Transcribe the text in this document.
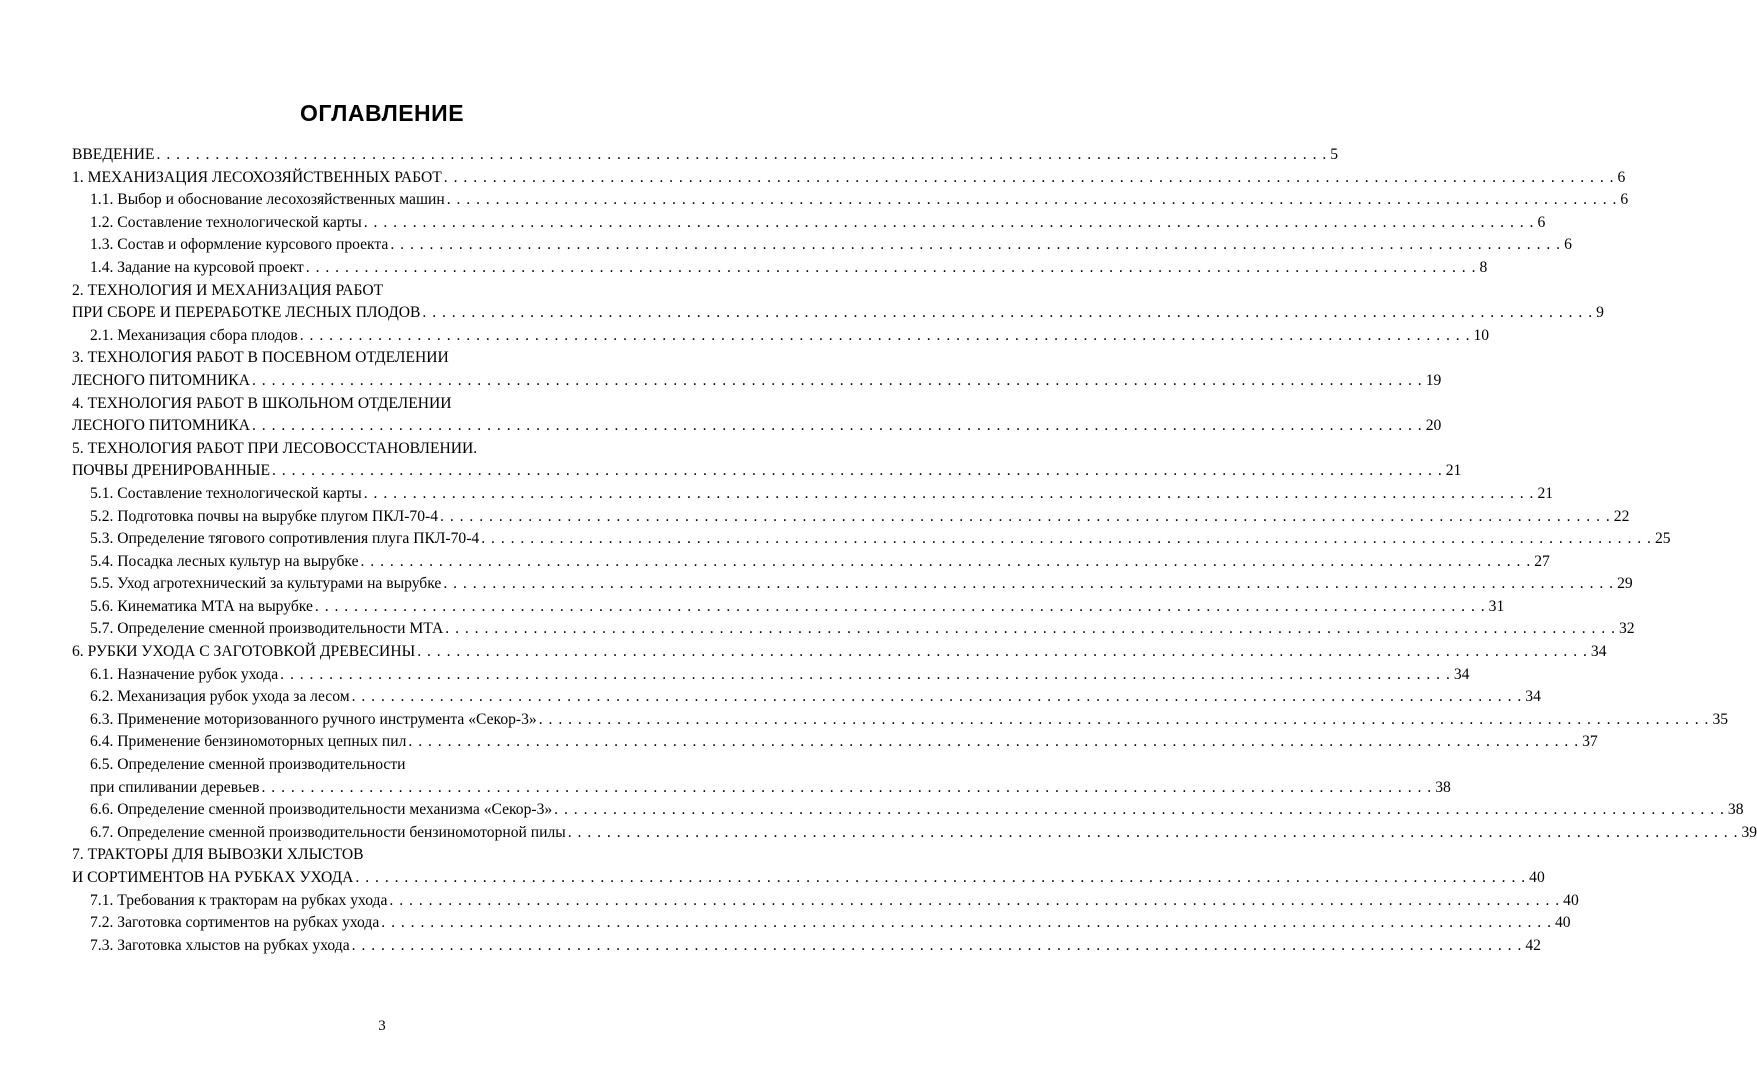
ОГЛАВЛЕНИЕ
ВВЕДЕНИЕ . . . . . . . . . . . . . . . . . . . . . . . . . . . . . . . . . . . . . . . . . . . . . . . . . . . . . . . . . . . . . . . . . . . . . . . . . . . . . . . . . . . . . . . . . . . . . . . . . . . . . . . . . . . . . . . . . . . . . . . . 5
1. МЕХАНИЗАЦИЯ ЛЕСОХОЗЯЙСТВЕННЫХ РАБОТ . . . . . . . . . . . . . . . . . . . . . . . . . . . . . . . . . . . . . . . . . . . . . . . . . . . . . . . . . . . . . . . . . . . . . . . . . . . . . . . . . . . . . . . . . . . . . . . . . . . . . . . . . . . . . . . . . . . . . . . . 6
1.1. Выбор и обоснование лесохозяйственных машин . . . . . . . . . . . . . . . . . . . . . . . . . . . . . . . . . . . . . . . . . . . . . . . . . . . . . . . . . . . . . . . . . . . . . . . . . . . . . . . . . . . . . . . . . . . . . . . . . . . . . . . . . . . . . . . . . . . . . . . . 6
1.2. Составление технологической карты . . . . . . . . . . . . . . . . . . . . . . . . . . . . . . . . . . . . . . . . . . . . . . . . . . . . . . . . . . . . . . . . . . . . . . . . . . . . . . . . . . . . . . . . . . . . . . . . . . . . . . . . . . . . . . . . . . . . . . . . 6
1.3. Состав и оформление курсового проекта . . . . . . . . . . . . . . . . . . . . . . . . . . . . . . . . . . . . . . . . . . . . . . . . . . . . . . . . . . . . . . . . . . . . . . . . . . . . . . . . . . . . . . . . . . . . . . . . . . . . . . . . . . . . . . . . . . . . . . . . 6
1.4. Задание на курсовой проект . . . . . . . . . . . . . . . . . . . . . . . . . . . . . . . . . . . . . . . . . . . . . . . . . . . . . . . . . . . . . . . . . . . . . . . . . . . . . . . . . . . . . . . . . . . . . . . . . . . . . . . . . . . . . . . . . . . . . . . . 8
2. ТЕХНОЛОГИЯ И МЕХАНИЗАЦИЯ РАБОТ
ПРИ СБОРЕ И ПЕРЕРАБОТКЕ ЛЕСНЫХ ПЛОДОВ . . . . . . . . . . . . . . . . . . . . . . . . . . . . . . . . . . . . . . . . . . . . . . . . . . . . . . . . . . . . . . . . . . . . . . . . . . . . . . . . . . . . . . . . . . . . . . . . . . . . . . . . . . . . . . . . . . . . . . . . 9
2.1. Механизация сбора плодов . . . . . . . . . . . . . . . . . . . . . . . . . . . . . . . . . . . . . . . . . . . . . . . . . . . . . . . . . . . . . . . . . . . . . . . . . . . . . . . . . . . . . . . . . . . . . . . . . . . . . . . . . . . . . . . . . . . . . . . . 10
3. ТЕХНОЛОГИЯ РАБОТ В ПОСЕВНОМ ОТДЕЛЕНИИ
ЛЕСНОГО ПИТОМНИКА . . . . . . . . . . . . . . . . . . . . . . . . . . . . . . . . . . . . . . . . . . . . . . . . . . . . . . . . . . . . . . . . . . . . . . . . . . . . . . . . . . . . . . . . . . . . . . . . . . . . . . . . . . . . . . . . . . . . . . . . 19
4. ТЕХНОЛОГИЯ РАБОТ В ШКОЛЬНОМ ОТДЕЛЕНИИ
ЛЕСНОГО ПИТОМНИКА . . . . . . . . . . . . . . . . . . . . . . . . . . . . . . . . . . . . . . . . . . . . . . . . . . . . . . . . . . . . . . . . . . . . . . . . . . . . . . . . . . . . . . . . . . . . . . . . . . . . . . . . . . . . . . . . . . . . . . . . 20
5. ТЕХНОЛОГИЯ РАБОТ ПРИ ЛЕСОВОССТАНОВЛЕНИИ.
ПОЧВЫ ДРЕНИРОВАННЫЕ . . . . . . . . . . . . . . . . . . . . . . . . . . . . . . . . . . . . . . . . . . . . . . . . . . . . . . . . . . . . . . . . . . . . . . . . . . . . . . . . . . . . . . . . . . . . . . . . . . . . . . . . . . . . . . . . . . . . . . . . 21
5.1. Составление технологической карты . . . . . . . . . . . . . . . . . . . . . . . . . . . . . . . . . . . . . . . . . . . . . . . . . . . . . . . . . . . . . . . . . . . . . . . . . . . . . . . . . . . . . . . . . . . . . . . . . . . . . . . . . . . . . . . . . . . . . . . . 21
5.2. Подготовка почвы на вырубке плугом ПКЛ-70-4 . . . . . . . . . . . . . . . . . . . . . . . . . . . . . . . . . . . . . . . . . . . . . . . . . . . . . . . . . . . . . . . . . . . . . . . . . . . . . . . . . . . . . . . . . . . . . . . . . . . . . . . . . . . . . . . . . . . . . . . . 22
5.3. Определение тягового сопротивления плуга ПКЛ-70-4 . . . . . . . . . . . . . . . . . . . . . . . . . . . . . . . . . . . . . . . . . . . . . . . . . . . . . . . . . . . . . . . . . . . . . . . . . . . . . . . . . . . . . . . . . . . . . . . . . . . . . . . . . . . . . . . . . . . . . . . . 25
5.4. Посадка лесных культур на вырубке . . . . . . . . . . . . . . . . . . . . . . . . . . . . . . . . . . . . . . . . . . . . . . . . . . . . . . . . . . . . . . . . . . . . . . . . . . . . . . . . . . . . . . . . . . . . . . . . . . . . . . . . . . . . . . . . . . . . . . . . 27
5.5. Уход агротехнический за культурами на вырубке . . . . . . . . . . . . . . . . . . . . . . . . . . . . . . . . . . . . . . . . . . . . . . . . . . . . . . . . . . . . . . . . . . . . . . . . . . . . . . . . . . . . . . . . . . . . . . . . . . . . . . . . . . . . . . . . . . . . . . . . 29
5.6. Кинематика МТА на вырубке . . . . . . . . . . . . . . . . . . . . . . . . . . . . . . . . . . . . . . . . . . . . . . . . . . . . . . . . . . . . . . . . . . . . . . . . . . . . . . . . . . . . . . . . . . . . . . . . . . . . . . . . . . . . . . . . . . . . . . . . 31
5.7. Определение сменной производительности МТА . . . . . . . . . . . . . . . . . . . . . . . . . . . . . . . . . . . . . . . . . . . . . . . . . . . . . . . . . . . . . . . . . . . . . . . . . . . . . . . . . . . . . . . . . . . . . . . . . . . . . . . . . . . . . . . . . . . . . . . . 32
6. РУБКИ УХОДА С ЗАГОТОВКОЙ ДРЕВЕСИНЫ . . . . . . . . . . . . . . . . . . . . . . . . . . . . . . . . . . . . . . . . . . . . . . . . . . . . . . . . . . . . . . . . . . . . . . . . . . . . . . . . . . . . . . . . . . . . . . . . . . . . . . . . . . . . . . . . . . . . . . . . 34
6.1. Назначение рубок ухода . . . . . . . . . . . . . . . . . . . . . . . . . . . . . . . . . . . . . . . . . . . . . . . . . . . . . . . . . . . . . . . . . . . . . . . . . . . . . . . . . . . . . . . . . . . . . . . . . . . . . . . . . . . . . . . . . . . . . . . . 34
6.2. Механизация рубок ухода за лесом . . . . . . . . . . . . . . . . . . . . . . . . . . . . . . . . . . . . . . . . . . . . . . . . . . . . . . . . . . . . . . . . . . . . . . . . . . . . . . . . . . . . . . . . . . . . . . . . . . . . . . . . . . . . . . . . . . . . . . . . 34
6.3. Применение моторизованного ручного инструмента «Секор-3» . . . . . . . . . . . . . . . . . . . . . . . . . . . . . . . . . . . . . . . . . . . . . . . . . . . . . . . . . . . . . . . . . . . . . . . . . . . . . . . . . . . . . . . . . . . . . . . . . . . . . . . . . . . . . . . . . . . . . . . . 35
6.4. Применение бензиномоторных цепных пил . . . . . . . . . . . . . . . . . . . . . . . . . . . . . . . . . . . . . . . . . . . . . . . . . . . . . . . . . . . . . . . . . . . . . . . . . . . . . . . . . . . . . . . . . . . . . . . . . . . . . . . . . . . . . . . . . . . . . . . . 37
6.5. Определение сменной производительности
при спиливании деревьев . . . . . . . . . . . . . . . . . . . . . . . . . . . . . . . . . . . . . . . . . . . . . . . . . . . . . . . . . . . . . . . . . . . . . . . . . . . . . . . . . . . . . . . . . . . . . . . . . . . . . . . . . . . . . . . . . . . . . . . . 38
6.6. Определение сменной производительности механизма «Секор-3» . . . . . . . . . . . . . . . . . . . . . . . . . . . . . . . . . . . . . . . . . . . . . . . . . . . . . . . . . . . . . . . . . . . . . . . . . . . . . . . . . . . . . . . . . . . . . . . . . . . . . . . . . . . . . . . . . . . . . . . . 38
6.7. Определение сменной производительности бензиномоторной пилы . . . . . . . . . . . . . . . . . . . . . . . . . . . . . . . . . . . . . . . . . . . . . . . . . . . . . . . . . . . . . . . . . . . . . . . . . . . . . . . . . . . . . . . . . . . . . . . . . . . . . . . . . . . . . . . . . . . . . . . . 39
7. ТРАКТОРЫ ДЛЯ ВЫВОЗКИ ХЛЫСТОВ
И СОРТИМЕНТОВ НА РУБКАХ УХОДА . . . . . . . . . . . . . . . . . . . . . . . . . . . . . . . . . . . . . . . . . . . . . . . . . . . . . . . . . . . . . . . . . . . . . . . . . . . . . . . . . . . . . . . . . . . . . . . . . . . . . . . . . . . . . . . . . . . . . . . . 40
7.1. Требования к тракторам на рубках ухода . . . . . . . . . . . . . . . . . . . . . . . . . . . . . . . . . . . . . . . . . . . . . . . . . . . . . . . . . . . . . . . . . . . . . . . . . . . . . . . . . . . . . . . . . . . . . . . . . . . . . . . . . . . . . . . . . . . . . . . . 40
7.2. Заготовка сортиментов на рубках ухода . . . . . . . . . . . . . . . . . . . . . . . . . . . . . . . . . . . . . . . . . . . . . . . . . . . . . . . . . . . . . . . . . . . . . . . . . . . . . . . . . . . . . . . . . . . . . . . . . . . . . . . . . . . . . . . . . . . . . . . . 40
7.3. Заготовка хлыстов на рубках ухода . . . . . . . . . . . . . . . . . . . . . . . . . . . . . . . . . . . . . . . . . . . . . . . . . . . . . . . . . . . . . . . . . . . . . . . . . . . . . . . . . . . . . . . . . . . . . . . . . . . . . . . . . . . . . . . . . . . . . . . . 42
3
